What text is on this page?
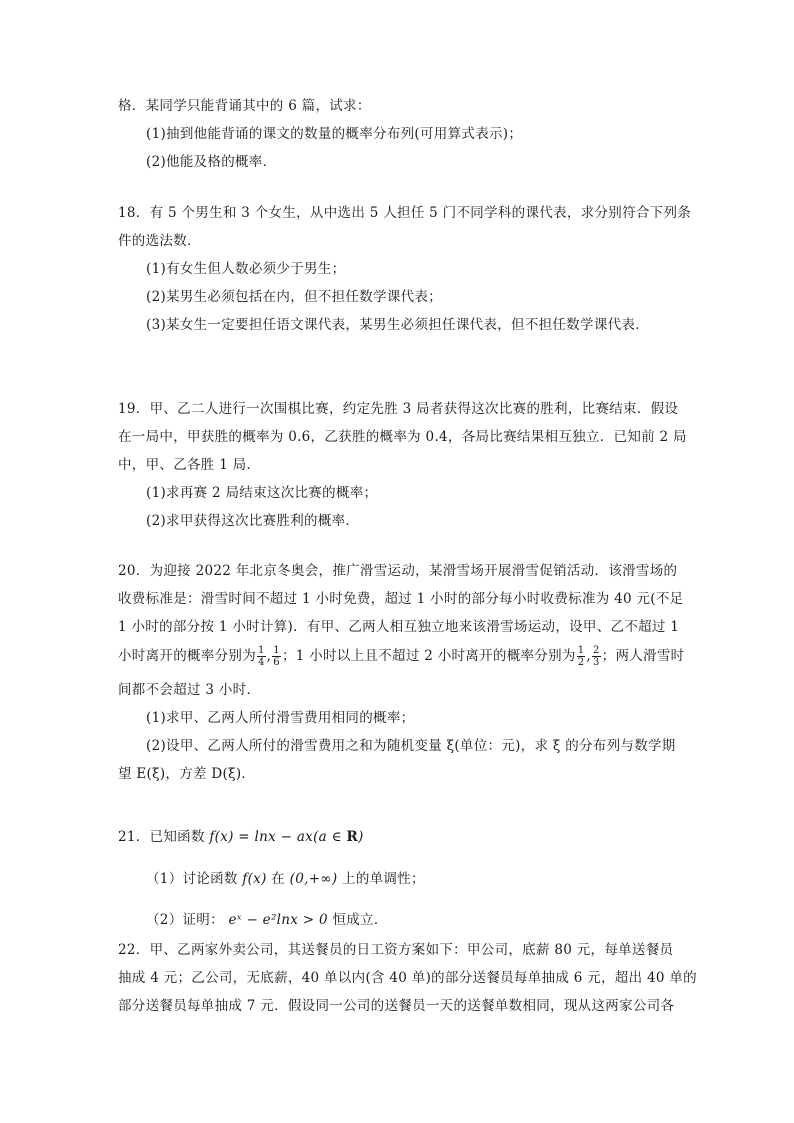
格．某同学只能背诵其中的 6 篇，试求：
(1)抽到他能背诵的课文的数量的概率分布列(可用算式表示)；
(2)他能及格的概率．
18．有 5 个男生和 3 个女生，从中选出 5 人担任 5 门不同学科的课代表，求分别符合下列条
件的选法数．
(1)有女生但人数必须少于男生；
(2)某男生必须包括在内，但不担任数学课代表；
(3)某女生一定要担任语文课代表，某男生必须担任课代表，但不担任数学课代表．
19．甲、乙二人进行一次围棋比赛，约定先胜 3 局者获得这次比赛的胜利，比赛结束．假设
在一局中，甲获胜的概率为 0.6，乙获胜的概率为 0.4，各局比赛结果相互独立．已知前 2 局
中，甲、乙各胜 1 局．
(1)求再赛 2 局结束这次比赛的概率；
(2)求甲获得这次比赛胜利的概率．
20．为迎接 2022 年北京冬奥会，推广滑雪运动，某滑雪场开展滑雪促销活动．该滑雪场的
收费标准是：滑雪时间不超过 1 小时免费，超过 1 小时的部分每小时收费标准为 40 元(不足
1 小时的部分按 1 小时计算)．有甲、乙两人相互独立地来该滑雪场运动，设甲、乙不超过 1
小时离开的概率分别为 $\frac{1}{4}$ , $\frac{1}{6}$ ；1 小时以上且不超过 2 小时离开的概率分别为 $\frac{1}{2}$ , $\frac{2}{3}$ ；两人滑雪时
间都不会超过 3 小时．
(1)求甲、乙两人所付滑雪费用相同的概率；
(2)设甲、乙两人所付的滑雪费用之和为随机变量 ξ(单位：元)，求 ξ 的分布列与数学期
望 E(ξ)，方差 D(ξ)．
21．已知函数 f(x) = lnx − ax(a ∈ R)
（1）讨论函数 f(x) 在 (0,+∞) 上的单调性；
（2）证明： eˣ − e²lnx > 0 恒成立．
22．甲、乙两家外卖公司，其送餐员的日工资方案如下：甲公司，底薪 80 元，每单送餐员
抽成 4 元；乙公司，无底薪，40 单以内(含 40 单)的部分送餐员每单抽成 6 元，超出 40 单的
部分送餐员每单抽成 7 元．假设同一公司的送餐员一天的送餐单数相同，现从这两家公司各
